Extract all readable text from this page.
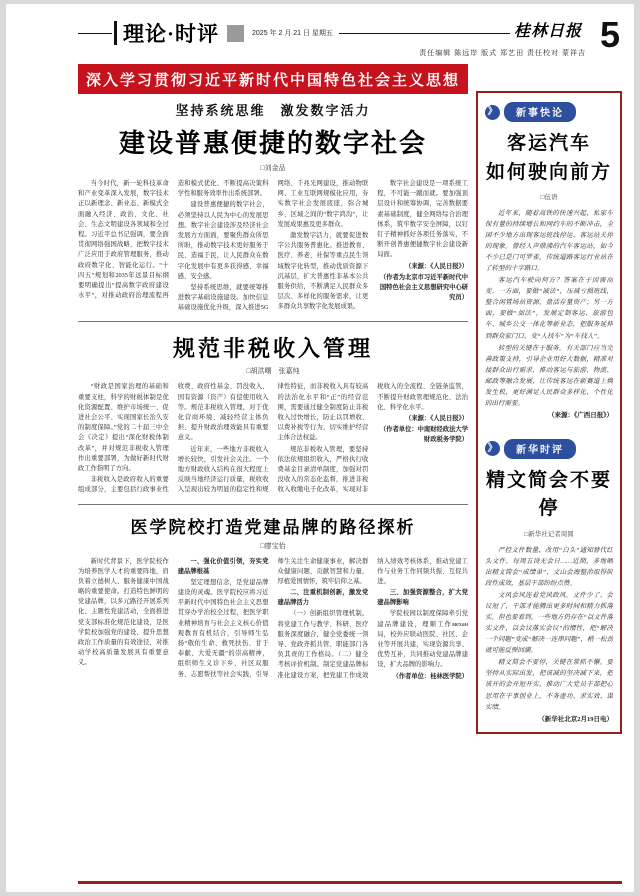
理论·时评	2025 年 2 月 21 日 星期五	桂林日报 5
责任编辑 陈远岸 版式 郑艺田 责任校对 蒙祥吉
深入学习贯彻习近平新时代中国特色社会主义思想
坚持系统思维　激发数字活力
建设普惠便捷的数字社会
□刘金品

当今时代，新一轮科技革命和产业变革深入发展，数字技术正以新理念、新业态、新模式全面融入经济、政治、文化、社会、生态文明建设各领域和全过程。习近平总书记强调，要全面贯彻网络强国战略，把数字技术广泛应用于政府管理服务，推动政府数字化、智能化运行。“十四五”规划和2035年远景目标纲要明确提出“提高数字政府建设水平”，对推动政府治理流程再造和模式优化、不断提高决策科学性和服务效率作出系统部署。

建设普惠便捷的数字社会，必须坚持以人民为中心的发展思想。数字社会建设涉及经济社会发展方方面面，要聚焦群众所思所盼，推动数字技术更好服务于民、造福于民，让人民群众在数字化发展中有更多获得感、幸福感、安全感。

坚持系统思维，就要统筹推进数字基础设施建设。加快信息基础设施优化升级，深入推进5G网络、千兆光网建设，推动物联网、工业互联网规模化应用，夯实数字社会发展底座，弥合城乡、区域之间的“数字鸿沟”，让发展成果惠及更多群众。

激发数字活力，就要促进数字公共服务普惠化。推进教育、医疗、养老、社保等重点民生领域数字化转型，推动优质资源下沉基层，扩大普惠性非基本公共服务供给，不断满足人民群众多层次、多样化的服务需求，让更多群众共享数字化发展成果。

数字社会建设是一项系统工程，不可能一蹴而就。要加强顶层设计和统筹协调，完善数据要素基础制度，健全网络综合治理体系，筑牢数字安全屏障，以钉钉子精神抓好各项任务落实，不断开创普惠便捷数字社会建设新局面。

（来源：《人民日报》）

（作者为北京市习近平新时代中国特色社会主义思想研究中心研究员）

规范非税收入管理
□胡洪曙　张嘉纯

“财政是国家治理的基础和重要支柱，科学的财税体制是优化资源配置、维护市场统一、促进社会公平、实现国家长治久安的制度保障。”党的二十届三中全会《决定》提出“深化财税体制改革”，并对规范非税收入管理作出重要部署，为做好新时代财政工作指明了方向。

非税收入是政府收入的重要组成部分，主要包括行政事业性收费、政府性基金、罚没收入、国有资源（资产）有偿使用收入等。规范非税收入管理，对于优化营商环境、减轻经营主体负担、提升财政治理效能具有重要意义。

近年来，一些地方非税收入增长较快，引发社会关注。一个地方财政收入结构在很大程度上反映当地经济运行质量，税收收入呈现出较为明显的稳定性和规律性特征，而非税收入具有较高的法治化水平和“正”的经营范围，需要通过健全制度防止非税收入过快增长，防止以罚增收、以费补税等行为，切实维护经营主体合法权益。

规范非税收入管理，要坚持依法依规组织收入，严格执行收费基金目录清单制度，加强对罚没收入的常态化监督，推进非税收入收缴电子化改革，实现对非税收入的全流程、全链条监管，不断提升财政管理规范化、法治化、科学化水平。

（来源：《人民日报》）

（作者单位：中南财经政法大学财政税务学院）

医学院校打造党建品牌的路径探析
□廖宝怡

新时代背景下，医学院校作为培养医学人才的重要阵地，肩负着立德树人、服务健康中国战略的重要使命。打造特色鲜明的党建品牌，以多元路径开展系列化、主题性党建活动，全面推进党支部标准化规范化建设，是医学院校加强党的建设、提升思想政治工作质量的有效途径，对推动学校高质量发展具有重要意义。

一、强化价值引领，夯实党建品牌根基

坚定理想信念，是党建品牌建设的灵魂。医学院校应将习近平新时代中国特色社会主义思想贯穿办学治校全过程，把医学职业精神培育与社会主义核心价值观教育有机结合，引导师生弘扬“敬佑生命、救死扶伤、甘于奉献、大爱无疆”的崇高精神，组织师生义诊下乡、社区双服务、志愿帮扶等社会实践，引导师生关注生命健康事业，解决群众健康问题，贡献智慧和力量，厚植爱国情怀，筑牢信仰之基。

二、注重机制创新，激发党建品牌活力

（一）创新组织管理机制。将党建工作与教学、科研、医疗服务深度融合，健全党委统一领导、党政齐抓共管、职能部门各负其责的工作格局。（二）健全考核评价机制。制定党建品牌标准化建设方案，把党建工作成效纳入绩效考核体系，推动党建工作与业务工作同频共振、互促共进。

三、加强资源整合，扩大党建品牌影响

学院校园以制度保障牵引党建品牌建设，理顺工作механ局，校外应联动医院、社区、企业等开展共建，实现资源共享、优势互补，共同推动党建品牌建设，扩大品牌的影响力。

（作者单位：桂林医学院）

》	新事快论
客运汽车
如何驶向前方
□伍语

近年来，随着高铁的快速兴起、私家车保有量的持续增长和网约车的不断冲击，全国不少地方出现客运班线停运、客运站关停的现象。曾经人声鼎沸的汽车客运站，如今不少已是门可罗雀，传统道路客运行业站在了转型的十字路口。

客运汽车驶向何方？答案在于因需而变。一方面，要做“减法”，压减亏损班线，整合闲置场站资源，盘活存量资产；另一方面，要做“加法”，发展定制客运、旅游包车、城乡公交一体化等新业态，把服务延伸到群众家门口，变“人找车”为“车找人”。

转型的关键在于服务。有关部门应当完善政策支持，引导企业用好大数据，精准对接群众出行需求，推动客运与旅游、物流、邮政等融合发展，让传统客运在新赛道上焕发生机，更好满足人民群众多样化、个性化的出行需要。

（来源：《广西日报》）

》	新华时评
精文简会不要停
□新华社记者周圆

严控文件数量、改用“白头”通知替代红头文件、每周五设无会日……近期，多地晒出精文简会“成绩单”，文山会海整治取得阶段性成效，基层干部纷纷点赞。

文风会风连着党风政风。文件少了、会议短了，干部才能腾出更多时间和精力抓落实。但也要看到，一些地方仍存在“以文件落实文件、以会议落实会议”的惯性，把“解决一个问题”变成“解决一连串问题”，稍一松劲就可能反弹回潮。

精文简会不要停，关键在常抓不懈。要坚持从实际出发，把该减的坚决减下来，把该开的会开短开实，推动广大党员干部把心思用在干事创业上，不务虚功、求实效、谋实绩。

（新华社北京2月19日电）
